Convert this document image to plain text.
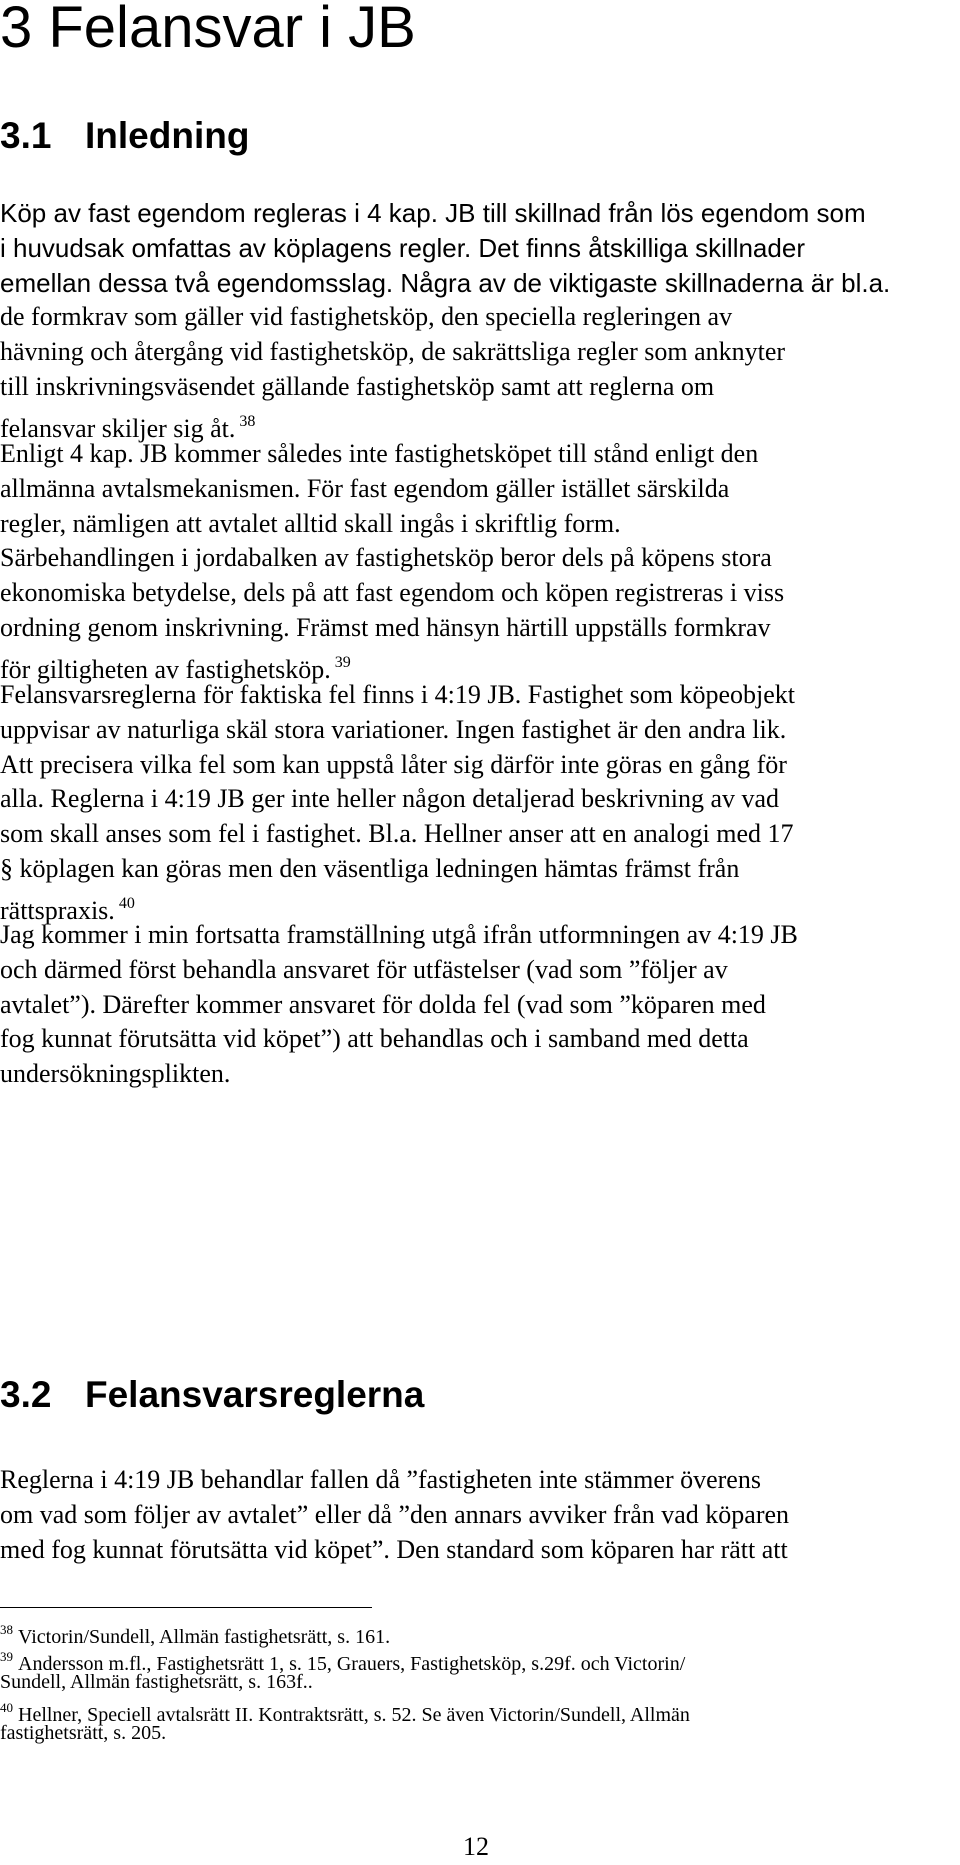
3 Felansvar i JB
3.1 Inledning
Köp av fast egendom regleras i 4 kap. JB till skillnad från lös egendom som
i huvudsak omfattas av köplagens regler. Det finns åtskilliga skillnader
emellan dessa två egendomsslag. Några av de viktigaste skillnaderna är bl.a.
de formkrav som gäller vid fastighetsköp, den speciella regleringen av
hävning och återgång vid fastighetsköp, de sakrättsliga regler som anknyter
till inskrivningsväsendet gällande fastighetsköp samt att reglerna om
felansvar skiljer sig åt. $^{38}$
Enligt 4 kap. JB kommer således inte fastighetsköpet till stånd enligt den
allmänna avtalsmekanismen. För fast egendom gäller istället särskilda
regler, nämligen att avtalet alltid skall ingås i skriftlig form.
Särbehandlingen i jordabalken av fastighetsköp beror dels på köpens stora
ekonomiska betydelse, dels på att fast egendom och köpen registreras i viss
ordning genom inskrivning. Främst med hänsyn härtill uppställs formkrav
för giltigheten av fastighetsköp. $^{39}$
Felansvarsreglerna för faktiska fel finns i 4:19 JB. Fastighet som köpeobjekt
uppvisar av naturliga skäl stora variationer. Ingen fastighet är den andra lik.
Att precisera vilka fel som kan uppstå låter sig därför inte göras en gång för
alla. Reglerna i 4:19 JB ger inte heller någon detaljerad beskrivning av vad
som skall anses som fel i fastighet. Bl.a. Hellner anser att en analogi med 17
§ köplagen kan göras men den väsentliga ledningen hämtas främst från
rättspraxis. $^{40}$
Jag kommer i min fortsatta framställning utgå ifrån utformningen av 4:19 JB
och därmed först behandla ansvaret för utfästelser (vad som ”följer av
avtalet”). Därefter kommer ansvaret för dolda fel (vad som ”köparen med
fog kunnat förutsätta vid köpet”) att behandlas och i samband med detta
undersökningsplikten.
3.2 Felansvarsreglerna
Reglerna i 4:19 JB behandlar fallen då ”fastigheten inte stämmer överens
om vad som följer av avtalet” eller då ”den annars avviker från vad köparen
med fog kunnat förutsätta vid köpet”. Den standard som köparen har rätt att
$^{38}$ Victorin/Sundell, Allmän fastighetsrätt, s. 161.
$^{39}$ Andersson m.fl., Fastighetsrätt 1, s. 15, Grauers, Fastighetsköp, s.29f. och Victorin/
Sundell, Allmän fastighetsrätt, s. 163f..
$^{40}$ Hellner, Speciell avtalsrätt II. Kontraktsrätt, s. 52. Se även Victorin/Sundell, Allmän
fastighetsrätt, s. 205.
12
